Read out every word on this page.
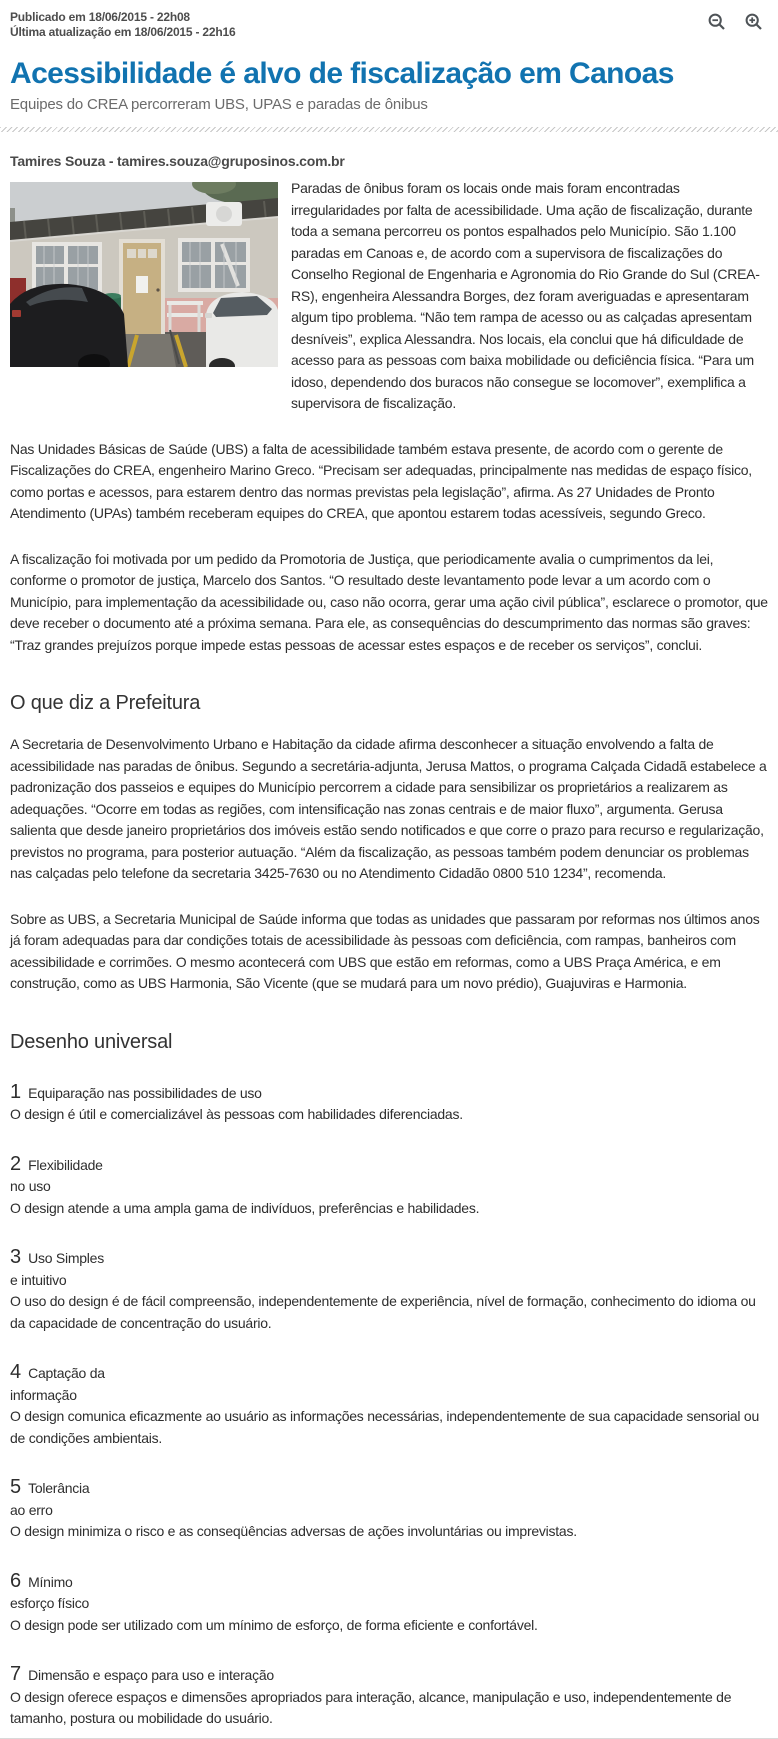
Publicado em 18/06/2015 - 22h08
Última atualização em 18/06/2015 - 22h16
Acessibilidade é alvo de fiscalização em Canoas
Equipes do CREA percorreram UBS, UPAS e paradas de ônibus
Tamires Souza - tamires.souza@gruposinos.com.br

Paradas de ônibus foram os locais onde mais foram encontradas irregularidades por falta de acessibilidade. Uma ação de fiscalização, durante toda a semana percorreu os pontos espalhados pelo Município. São 1.100 paradas em Canoas e, de acordo com a supervisora de fiscalizações do Conselho Regional de Engenharia e Agronomia do Rio Grande do Sul (CREA-RS), engenheira Alessandra Borges, dez foram averiguadas e apresentaram algum tipo problema. “Não tem rampa de acesso ou as calçadas apresentam desníveis”, explica Alessandra. Nos locais, ela conclui que há dificuldade de acesso para as pessoas com baixa mobilidade ou deficiência física. “Para um idoso, dependendo dos buracos não consegue se locomover”, exemplifica a supervisora de fiscalização.

Nas Unidades Básicas de Saúde (UBS) a falta de acessibilidade também estava presente, de acordo com o gerente de Fiscalizações do CREA, engenheiro Marino Greco. “Precisam ser adequadas, principalmente nas medidas de espaço físico, como portas e acessos, para estarem dentro das normas previstas pela legislação”, afirma. As 27 Unidades de Pronto Atendimento (UPAs) também receberam equipes do CREA, que apontou estarem todas acessíveis, segundo Greco.

A fiscalização foi motivada por um pedido da Promotoria de Justiça, que periodicamente avalia o cumprimentos da lei, conforme o promotor de justiça, Marcelo dos Santos. “O resultado deste levantamento pode levar a um acordo com o Município, para implementação da acessibilidade ou, caso não ocorra, gerar uma ação civil pública”, esclarece o promotor, que deve receber o documento até a próxima semana. Para ele, as consequências do descumprimento das normas são graves: “Traz grandes prejuízos porque impede estas pessoas de acessar estes espaços e de receber os serviços”, conclui.

O que diz a Prefeitura

A Secretaria de Desenvolvimento Urbano e Habitação da cidade afirma desconhecer a situação envolvendo a falta de acessibilidade nas paradas de ônibus. Segundo a secretária-adjunta, Jerusa Mattos, o programa Calçada Cidadã estabelece a padronização dos passeios e equipes do Município percorrem a cidade para sensibilizar os proprietários a realizarem as adequações. “Ocorre em todas as regiões, com intensificação nas zonas centrais e de maior fluxo”, argumenta. Gerusa salienta que desde janeiro proprietários dos imóveis estão sendo notificados e que corre o prazo para recurso e regularização, previstos no programa, para posterior autuação. “Além da fiscalização, as pessoas também podem denunciar os problemas nas calçadas pelo telefone da secretaria 3425-7630 ou no Atendimento Cidadão 0800 510 1234”, recomenda.

Sobre as UBS, a Secretaria Municipal de Saúde informa que todas as unidades que passaram por reformas nos últimos anos já foram adequadas para dar condições totais de acessibilidade às pessoas com deficiência, com rampas, banheiros com acessibilidade e corrimões. O mesmo acontecerá com UBS que estão em reformas, como a UBS Praça América, e em construção, como as UBS Harmonia, São Vicente (que se mudará para um novo prédio), Guajuviras e Harmonia.

Desenho universal
1 Equiparação nas possibilidades de uso

O design é útil e comercializável às pessoas com habilidades diferenciadas.

2 Flexibilidade
no uso

O design atende a uma ampla gama de indivíduos, preferências e habilidades.

3 Uso Simples
e intuitivo

O uso do design é de fácil compreensão, independentemente de experiência, nível de formação, conhecimento do idioma ou da capacidade de concentração do usuário.

4 Captação da
informação

O design comunica eficazmente ao usuário as informações necessárias, independentemente de sua capacidade sensorial ou de condições ambientais.

5 Tolerância
ao erro

O design minimiza o risco e as conseqüências adversas de ações involuntárias ou imprevistas.

6 Mínimo
esforço físico

O design pode ser utilizado com um mínimo de esforço, de forma eficiente e confortável.

7 Dimensão e espaço para uso e interação

O design oferece espaços e dimensões apropriados para interação, alcance, manipulação e uso, independentemente de tamanho, postura ou mobilidade do usuário.
